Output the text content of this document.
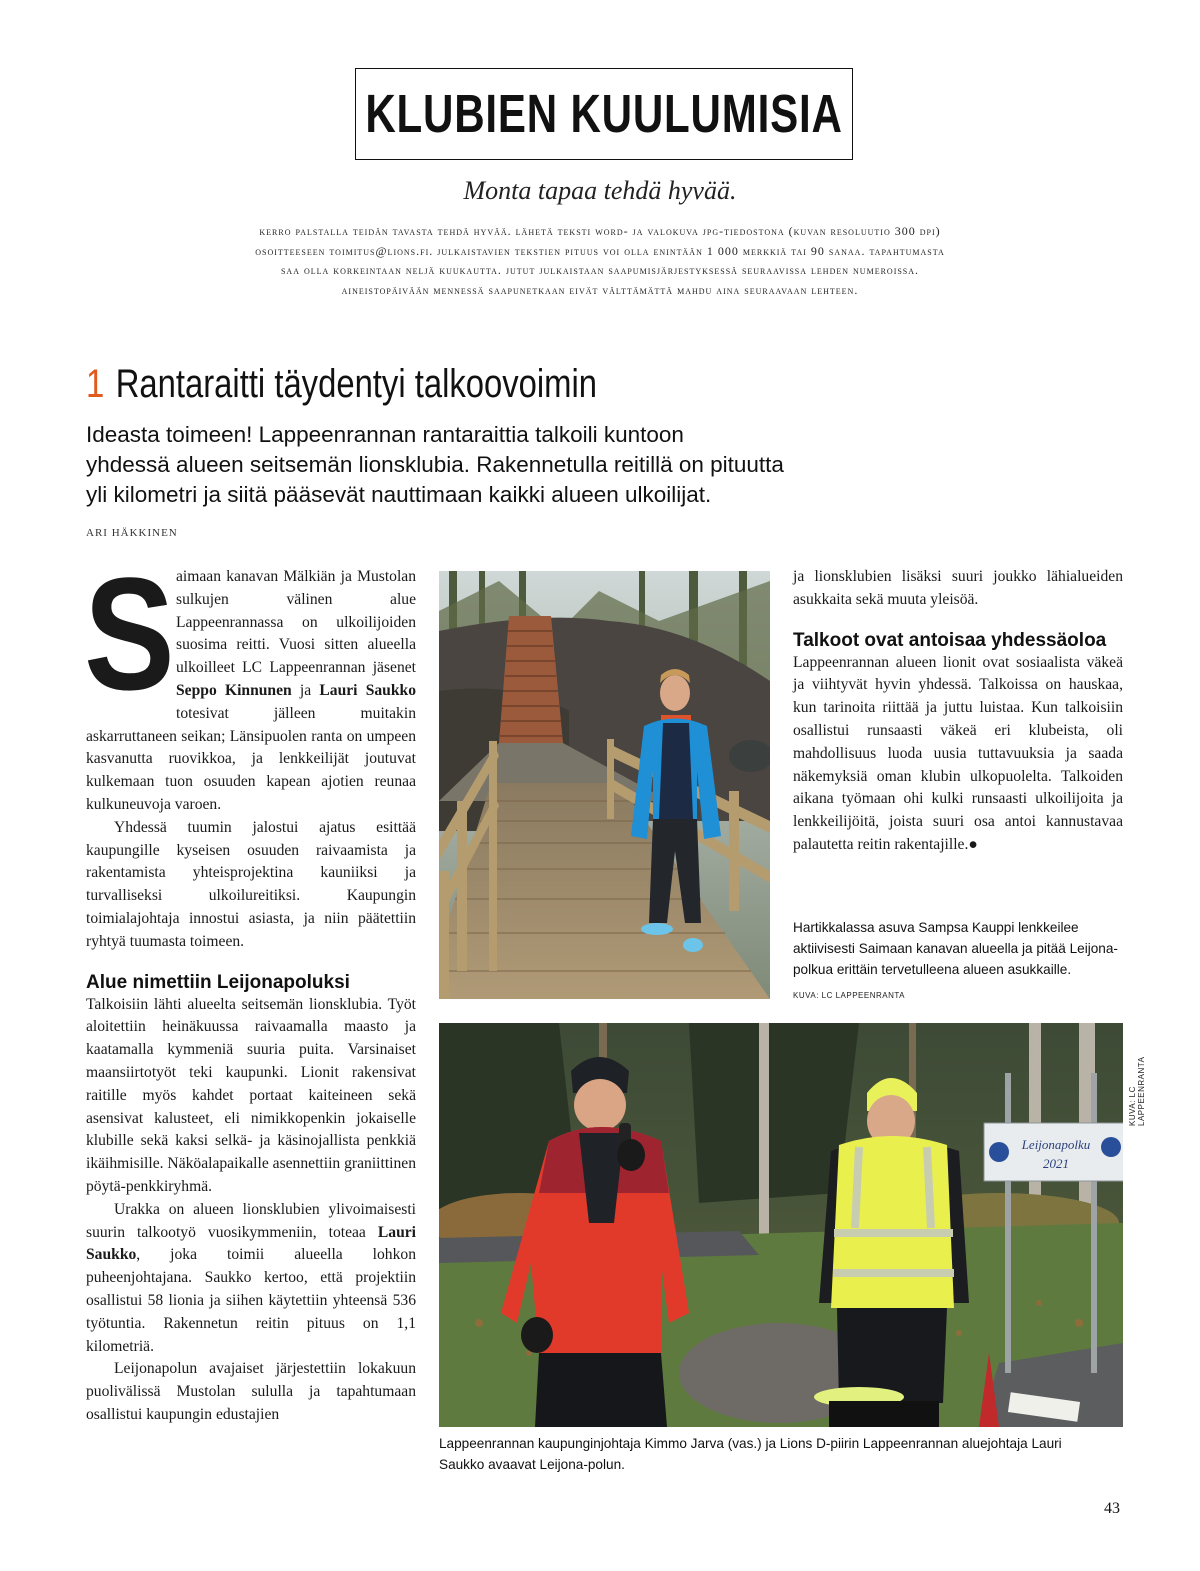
KLUBIEN KUULUMISIA
Monta tapaa tehdä hyvää.
kerro palstalla teidän tavasta tehdä hyvää. lähetä teksti word- ja valokuva jpg-tiedostona (kuvan resoluutio 300 dpi)
osoitteeseen toimitus@lions.fi. julkaistavien tekstien pituus voi olla enintään 1 000 merkkiä tai 90 sanaa. tapahtumasta
saa olla korkeintaan neljä kuukautta. jutut julkaistaan saapumisjärjestyksessä seuraavissa lehden numeroissa.
aineistopäivään mennessä saapunetkaan eivät välttämättä mahdu aina seuraavaan lehteen.
1 Rantaraitti täydentyi talkoovoimin
Ideasta toimeen! Lappeenrannan rantaraittia talkoili kuntoon
yhdessä alueen seitsemän lionsklubia. Rakennetulla reitillä on pituutta
yli kilometri ja siitä pääsevät nauttimaan kaikki alueen ulkoilijat.
ARI HÄKKINEN

Saimaan kanavan Mälkiän ja Mustolan sulkujen välinen alue Lappeenrannassa on ulkoilijoiden suosima reitti. Vuosi sitten alueella ulkoilleet LC Lappeenrannan jäsenet Seppo Kinnunen ja Lauri Saukko totesivat jälleen muitakin askarruttaneen seikan; Länsipuolen ranta on umpeen kasvanutta ruovikkoa, ja lenkkeilijät joutuvat kulkemaan tuon osuuden kapean ajotien reunaa kulkuneuvoja varoen.

Yhdessä tuumin jalostui ajatus esittää kaupungille kyseisen osuuden raivaamista ja rakentamista yhteisprojektina kauniiksi ja turvalliseksi ulkoilureitiksi. Kaupungin toimialajohtaja innostui asiasta, ja niin päätettiin ryhtyä tuumasta toimeen.

Alue nimettiin Leijonapoluksi

Talkoisiin lähti alueelta seitsemän lionsklubia. Työt aloitettiin heinäkuussa raivaamalla maasto ja kaatamalla kymmeniä suuria puita. Varsinaiset maansiirtotyöt teki kaupunki. Lionit rakensivat raitille myös kahdet portaat kaiteineen sekä asensivat kalusteet, eli nimikkopenkin jokaiselle klubille sekä kaksi selkä- ja käsinojallista penkkiä ikäihmisille. Näköalapaikalle asennettiin graniittinen pöytä-penkkiryhmä.

Urakka on alueen lionsklubien ylivoimaisesti suurin talkootyö vuosikymmeniin, toteaa Lauri Saukko, joka toimii alueella lohkon puheenjohtajana. Saukko kertoo, että projektiin osallistui 58 lionia ja siihen käytettiin yhteensä 536 työtuntia. Rakennetun reitin pituus on 1,1 kilometriä.

Leijonapolun avajaiset järjestettiin lokakuun puolivälissä Mustolan sululla ja tapahtumaan osallistui kaupungin edustajien

ja lionsklubien lisäksi suuri joukko lähialueiden asukkaita sekä muuta yleisöä.

Talkoot ovat antoisaa yhdessäoloa

Lappeenrannan alueen lionit ovat sosiaalista väkeä ja viihtyvät hyvin yhdessä. Talkoissa on hauskaa, kun tarinoita riittää ja juttu luistaa. Kun talkoisiin osallistui runsaasti väkeä eri klubeista, oli mahdollisuus luoda uusia tuttavuuksia ja saada näkemyksiä oman klubin ulkopuolelta. Talkoiden aikana työmaan ohi kulki runsaasti ulkoilijoita ja lenkkeilijöitä, joista suuri osa antoi kannustavaa palautetta reitin rakentajille.●

Hartikkalassa asuva Sampsa Kauppi lenkkeilee aktiivisesti Saimaan kanavan alueella ja pitää Leijona-polkua erittäin tervetulleena alueen asukkaille.
KUVA: LC LAPPEENRANTA
Leijonapolku
2021
KUVA: LC LAPPEENRANTA
Lappeenrannan kaupunginjohtaja Kimmo Jarva (vas.) ja Lions D-piirin Lappeenrannan aluejohtaja Lauri Saukko avaavat Leijona-polun.
43
